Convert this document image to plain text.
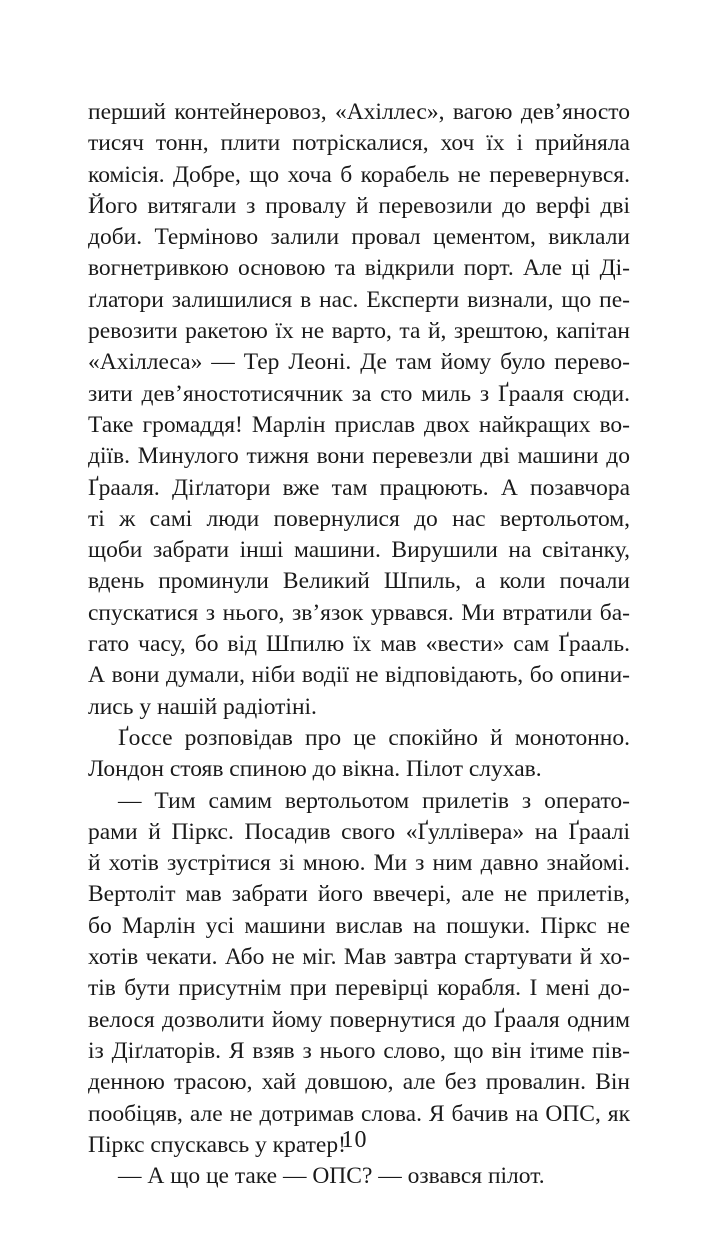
перший контейнеровоз, «Ахіллес», вагою дев’яносто
тисяч тонн, плити потріскалися, хоч їх і прийняла
комісія. Добре, що хоча б корабель не перевернувся.
Його витягали з провалу й перевозили до верфі дві
доби. Терміново залили провал цементом, виклали
вогнетривкою основою та відкрили порт. Але ці Ді-
ґлатори залишилися в нас. Експерти визнали, що пе-
ревозити ракетою їх не варто, та й, зрештою, капітан
«Ахіллеса» — Тер Леоні. Де там йому було перево-
зити дев’яностотисячник за сто миль з Ґрааля сюди.
Таке громаддя! Марлін прислав двох найкращих во-
діїв. Минулого тижня вони перевезли дві машини до
Ґрааля. Діґлатори вже там працюють. А позавчора
ті ж самі люди повернулися до нас вертольотом,
щоби забрати інші машини. Вирушили на світанку,
вдень проминули Великий Шпиль, а коли почали
спускатися з нього, зв’язок урвався. Ми втратили ба-
гато часу, бо від Шпилю їх мав «вести» сам Ґрааль.
А вони думали, ніби водії не відповідають, бо опини-
лись у нашій радіотіні.
Ґоссе розповідав про це спокійно й монотонно.
Лондон стояв спиною до вікна. Пілот слухав.
— Тим самим вертольотом прилетів з операто-
рами й Піркс. Посадив свого «Ґуллівера» на Ґраалі
й хотів зустрітися зі мною. Ми з ним давно знайомі.
Вертоліт мав забрати його ввечері, але не прилетів,
бо Марлін усі машини вислав на пошуки. Піркс не
хотів чекати. Або не міг. Мав завтра стартувати й хо-
тів бути присутнім при перевірці корабля. І мені до-
велося дозволити йому повернутися до Ґрааля одним
із Діґлаторів. Я взяв з нього слово, що він ітиме пів-
денною трасою, хай довшою, але без провалин. Він
пообіцяв, але не дотримав слова. Я бачив на ОПС, як
Піркс спускавсь у кратер!
— А що це таке — ОПС? — озвався пілот.
10
